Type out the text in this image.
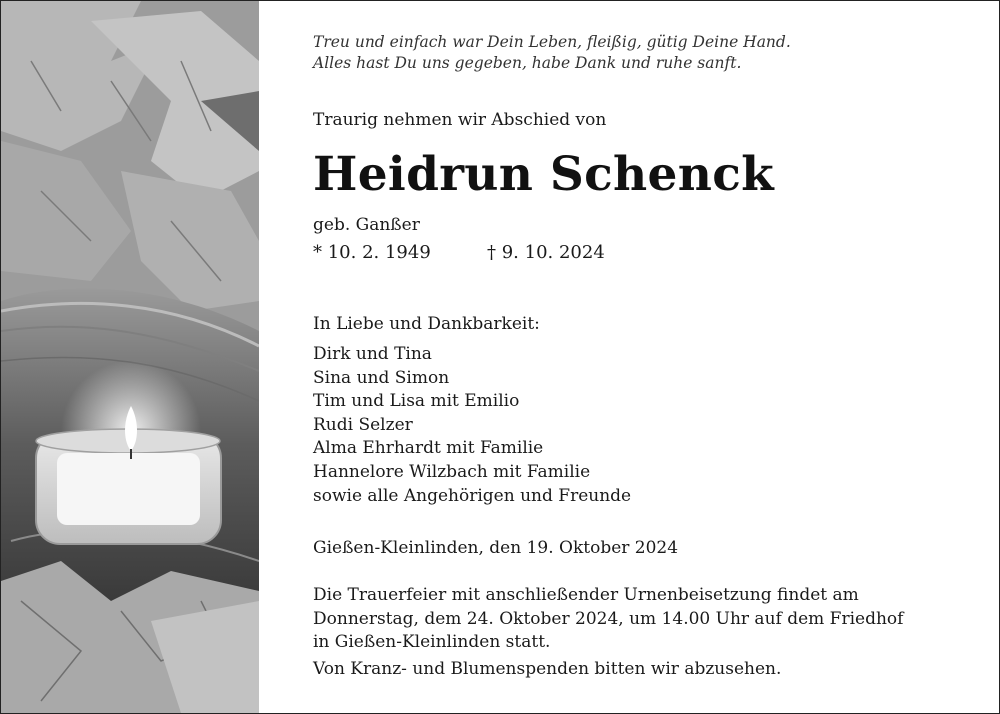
Treu und einfach war Dein Leben, fleißig, gütig Deine Hand.
Alles hast Du uns gegeben, habe Dank und ruhe sanft.
Traurig nehmen wir Abschied von
Heidrun Schenck
geb. Ganßer
* 10. 2. 1949	† 9. 10. 2024
In Liebe und Dankbarkeit:
Dirk und Tina
Sina und Simon
Tim und Lisa mit Emilio
Rudi Selzer
Alma Ehrhardt mit Familie
Hannelore Wilzbach mit Familie
sowie alle Angehörigen und Freunde
Gießen-Kleinlinden, den 19. Oktober 2024
Die Trauerfeier mit anschließender Urnenbeisetzung findet am
Donnerstag, dem 24. Oktober 2024, um 14.00 Uhr auf dem Friedhof
in Gießen-Kleinlinden statt.
Von Kranz- und Blumenspenden bitten wir abzusehen.
